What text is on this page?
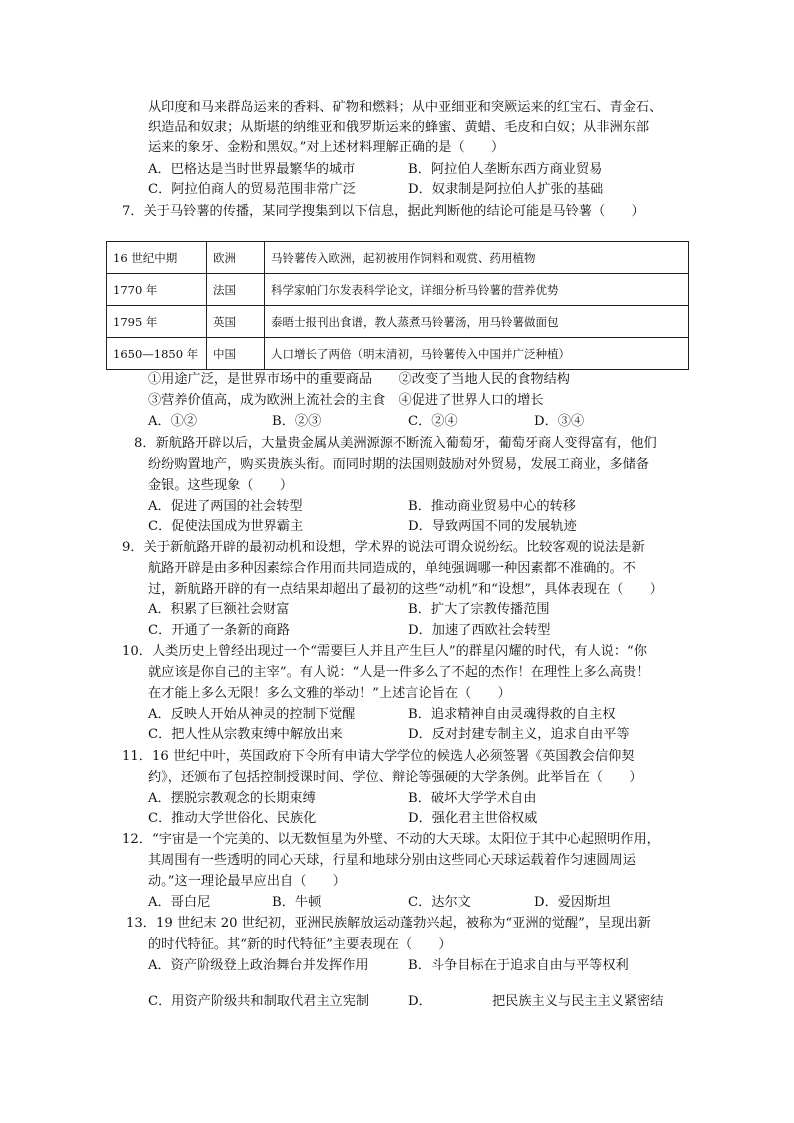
从印度和马来群岛运来的香料、矿物和燃料；从中亚细亚和突厥运来的红宝石、青金石、
织造品和奴隶；从斯堪的纳维亚和俄罗斯运来的蜂蜜、黄蜡、毛皮和白奴；从非洲东部
运来的象牙、金粉和黑奴。”对上述材料理解正确的是（　　）
A．巴格达是当时世界最繁华的城市	B．阿拉伯人垄断东西方商业贸易
C．阿拉伯商人的贸易范围非常广泛	D．奴隶制是阿拉伯人扩张的基础
7．关于马铃薯的传播，某同学搜集到以下信息，据此判断他的结论可能是马铃薯（　　）
16 世纪中期	欧洲	马铃薯传入欧洲，起初被用作饲料和观赏、药用植物
1770 年	法国	科学家帕门尔发表科学论文，详细分析马铃薯的营养优势
1795 年	英国	泰晤士报刊出食谱，教人蒸煮马铃薯汤，用马铃薯做面包
1650—1850 年	中国	人口增长了两倍（明末清初，马铃薯传入中国并广泛种植）
①用途广泛，是世界市场中的重要商品　　②改变了当地人民的食物结构
③营养价值高，成为欧洲上流社会的主食　④促进了世界人口的增长
A．①②	B．②③	C．②④	D．③④
8．新航路开辟以后，大量贵金属从美洲源源不断流入葡萄牙，葡萄牙商人变得富有，他们
纷纷购置地产，购买贵族头衔。而同时期的法国则鼓励对外贸易，发展工商业，多储备
金银。这些现象（　　）
A．促进了两国的社会转型	B．推动商业贸易中心的转移
C．促使法国成为世界霸主	D．导致两国不同的发展轨迹
9．关于新航路开辟的最初动机和设想，学术界的说法可谓众说纷纭。比较客观的说法是新
航路开辟是由多种因素综合作用而共同造成的，单纯强调哪一种因素都不准确的。不
过，新航路开辟的有一点结果却超出了最初的这些“动机”和“设想”，具体表现在（　　）
A．积累了巨额社会财富	B．扩大了宗教传播范围
C．开通了一条新的商路	D．加速了西欧社会转型
10．人类历史上曾经出现过一个“需要巨人并且产生巨人”的群星闪耀的时代，有人说：“你
就应该是你自己的主宰”。有人说：“人是一件多么了不起的杰作！在理性上多么高贵！
在才能上多么无限！多么文雅的举动！”上述言论旨在（　　）
A．反映人开始从神灵的控制下觉醒	B．追求精神自由灵魂得救的自主权
C．把人性从宗教束缚中解放出来	D．反对封建专制主义，追求自由平等
11．16 世纪中叶，英国政府下令所有申请大学学位的候选人必须签署《英国教会信仰契
约》，还颁布了包括控制授课时间、学位、辩论等强硬的大学条例。此举旨在（　　）
A．摆脱宗教观念的长期束缚	B．破坏大学学术自由
C．推动大学世俗化、民族化	D．强化君主世俗权威
12．“宇宙是一个完美的、以无数恒星为外壁、不动的大天球。太阳位于其中心起照明作用，
其周围有一些透明的同心天球，行星和地球分别由这些同心天球运载着作匀速圆周运
动。”这一理论最早应出自（　　）
A．哥白尼	B．牛顿	C．达尔文	D．爱因斯坦
13．19 世纪末 20 世纪初，亚洲民族解放运动蓬勃兴起，被称为“亚洲的觉醒”，呈现出新
的时代特征。其“新的时代特征”主要表现在（　　）
A．资产阶级登上政治舞台并发挥作用	B．斗争目标在于追求自由与平等权利
C．用资产阶级共和制取代君主立宪制	D．	把民族主义与民主主义紧密结
